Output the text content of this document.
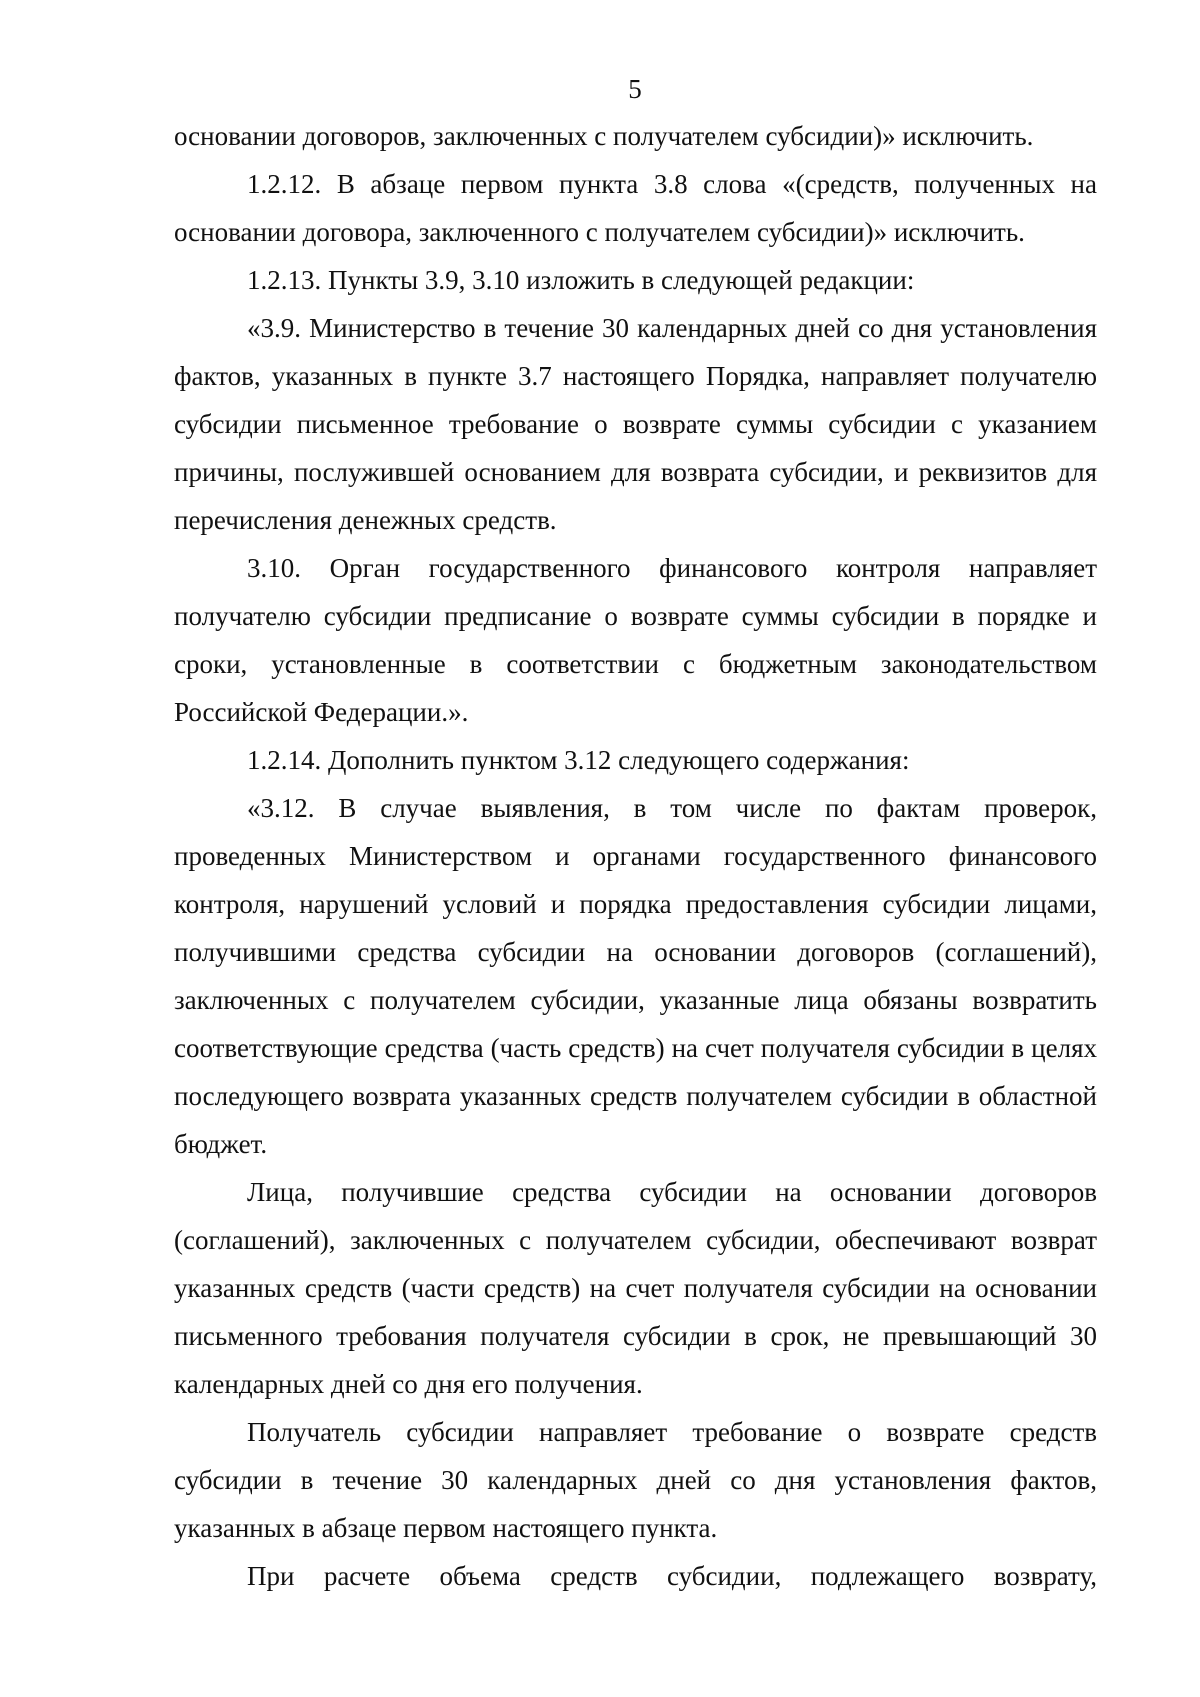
5

основании договоров, заключенных с получателем субсидии)» исключить.

1.2.12. В абзаце первом пункта 3.8 слова «(средств, полученных на основании договора, заключенного с получателем субсидии)» исключить.

1.2.13. Пункты 3.9, 3.10 изложить в следующей редакции:

«3.9. Министерство в течение 30 календарных дней со дня установления фактов, указанных в пункте 3.7 настоящего Порядка, направляет получателю субсидии письменное требование о возврате суммы субсидии с указанием причины, послужившей основанием для возврата субсидии, и реквизитов для перечисления денежных средств.

3.10. Орган государственного финансового контроля направляет получателю субсидии предписание о возврате суммы субсидии в порядке и сроки, установленные в соответствии с бюджетным законодательством Российской Федерации.».

1.2.14. Дополнить пунктом 3.12 следующего содержания:

«3.12. В случае выявления, в том числе по фактам проверок, проведенных Министерством и органами государственного финансового контроля, нарушений условий и порядка предоставления субсидии лицами, получившими средства субсидии на основании договоров (соглашений), заключенных с получателем субсидии, указанные лица обязаны возвратить соответствующие средства (часть средств) на счет получателя субсидии в целях последующего возврата указанных средств получателем субсидии в областной бюджет.

Лица, получившие средства субсидии на основании договоров (соглашений), заключенных с получателем субсидии, обеспечивают возврат указанных средств (части средств) на счет получателя субсидии на основании письменного требования получателя субсидии в срок, не превышающий 30 календарных дней со дня его получения.

Получатель субсидии направляет требование о возврате средств субсидии в течение 30 календарных дней со дня установления фактов, указанных в абзаце первом настоящего пункта.

При расчете объема средств субсидии, подлежащего возврату,
